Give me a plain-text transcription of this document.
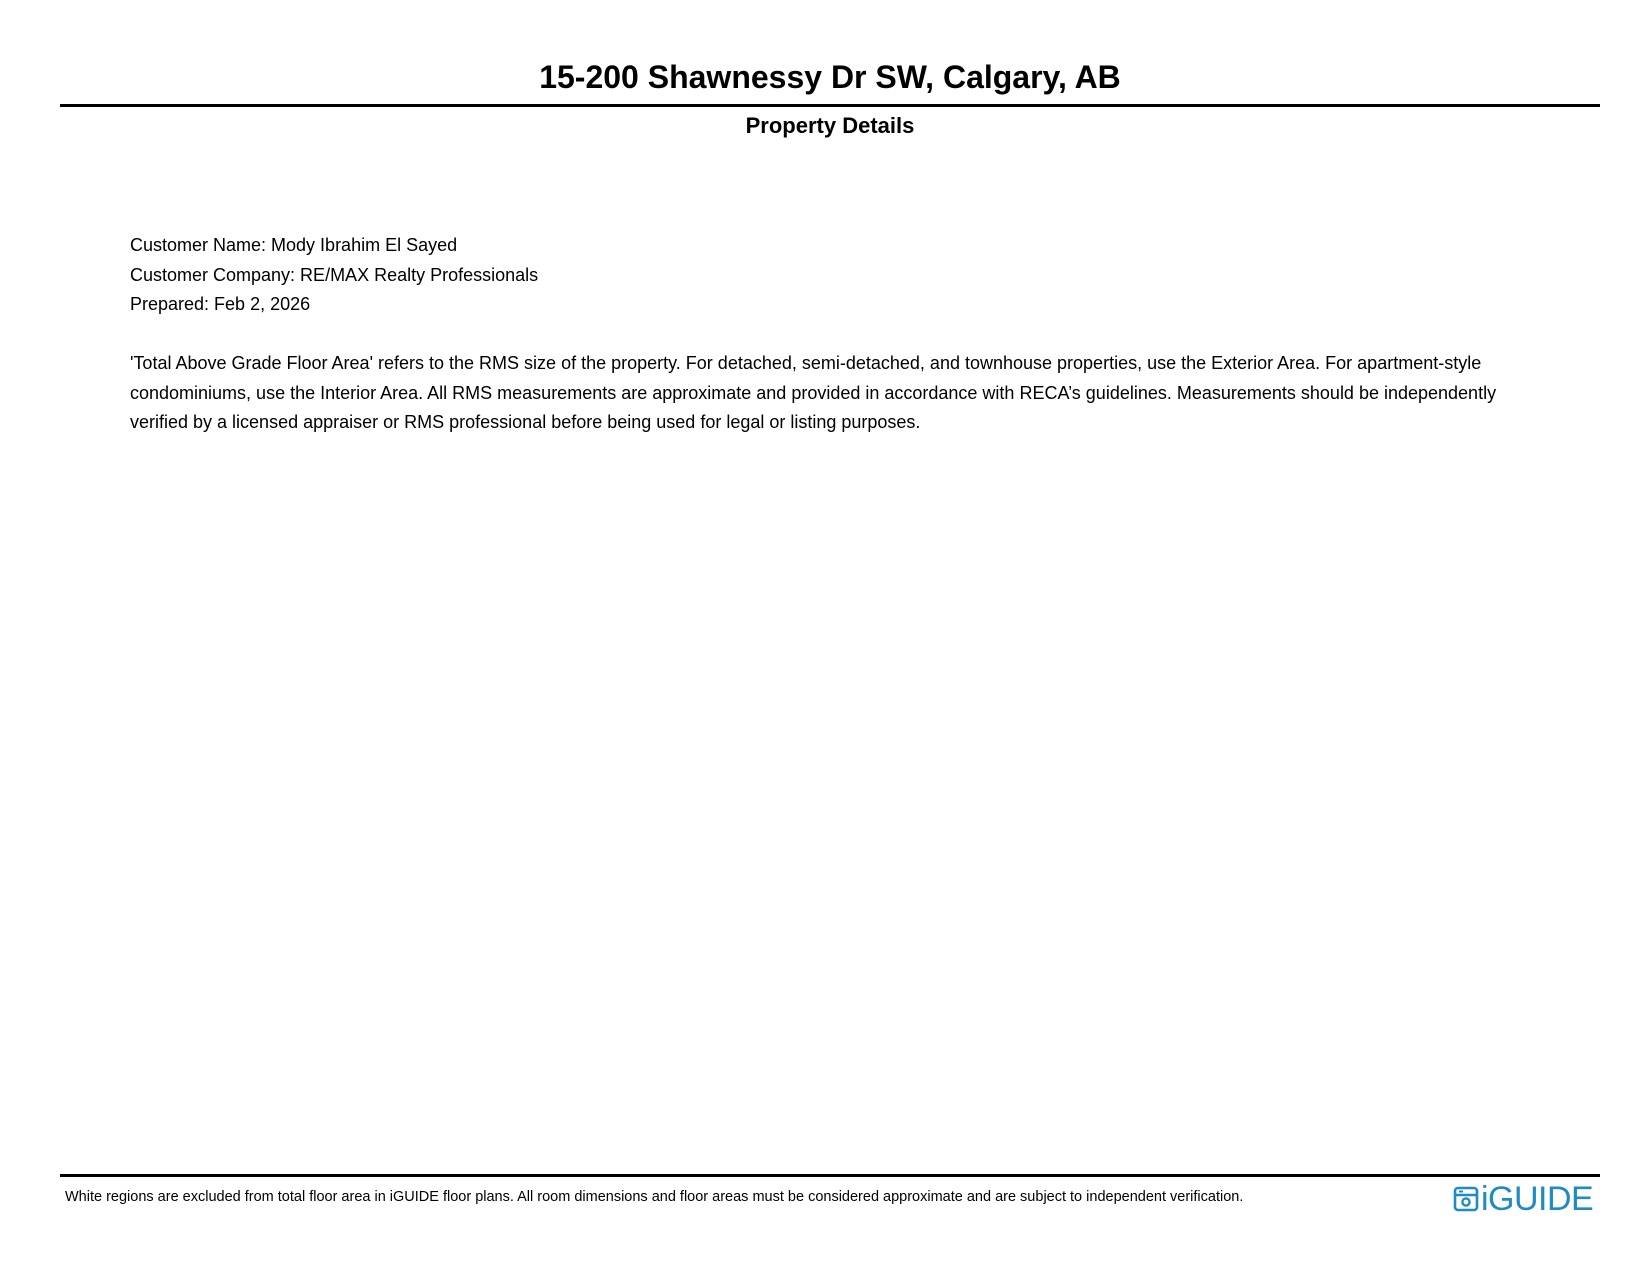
15-200 Shawnessy Dr SW, Calgary, AB
Property Details
Customer Name: Mody Ibrahim El Sayed
Customer Company: RE/MAX Realty Professionals
Prepared: Feb 2, 2026
'Total Above Grade Floor Area' refers to the RMS size of the property. For detached, semi-detached, and townhouse properties, use the Exterior Area. For apartment-style condominiums, use the Interior Area. All RMS measurements are approximate and provided in accordance with RECA’s guidelines. Measurements should be independently verified by a licensed appraiser or RMS professional before being used for legal or listing purposes.
White regions are excluded from total floor area in iGUIDE floor plans. All room dimensions and floor areas must be considered approximate and are subject to independent verification.	iGUIDE
